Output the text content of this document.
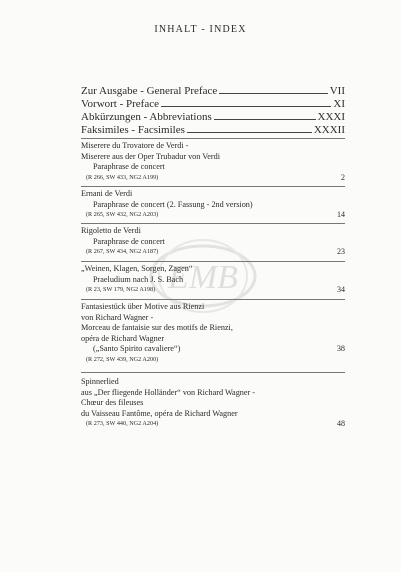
INHALT - INDEX
EMB
Zur Ausgabe - General Preface	VII
Vorwort - Preface	XI
Abkürzungen - Abbreviations	XXXI
Faksimiles - Facsimiles	XXXII
Miserere du Trovatore de Verdi -
Miserere aus der Oper Trubadur von Verdi
Paraphrase de concert
(R 266, SW 433, NG2 A199)	2
Ernani de Verdi
Paraphrase de concert (2. Fassung - 2nd version)
(R 265, SW 432, NG2 A203)	14
Rigoletto de Verdi
Paraphrase de concert
(R 267, SW 434, NG2 A187)	23
„Weinen, Klagen, Sorgen, Zagen“
Praeludium nach J. S. Bach
(R 23, SW 179, NG2 A198)	34
Fantasiestück über Motive aus Rienzi
von Richard Wagner -
Morceau de fantaisie sur des motifs de Rienzi,
opéra de Richard Wagner
(„Santo Spirito cavaliere“)	38
(R 272, SW 439, NG2 A200)
Spinnerlied
aus „Der fliegende Holländer“ von Richard Wagner -
Chœur des fileuses
du Vaisseau Fantôme, opéra de Richard Wagner
(R 273, SW 440, NG2 A204)	48
